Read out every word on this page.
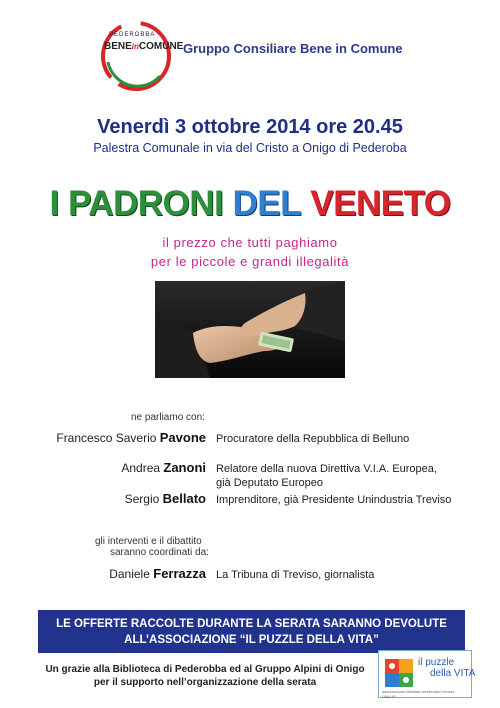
PEDEROBBA
BENEinCOMUNE Gruppo Consiliare Bene in Comune
Venerdì 3 ottobre 2014 ore 20.45
Palestra Comunale in via del Cristo a Onigo di Pederoba
I PADRONI DEL VENETO
il prezzo che tutti paghiamo
per le piccole e grandi illegalità
ne parliamo con:
Francesco Saverio Pavone Procuratore della Repubblica di Belluno
Andrea Zanoni Relatore della nuova Direttiva V.I.A. Europea,
già Deputato Europeo
Sergio Bellato Imprenditore, già Presidente Unindustria Treviso
gli interventi e il dibattito
saranno coordinati da:
Daniele Ferrazza La Tribuna di Treviso, giornalista
LE OFFERTE RACCOLTE DURANTE LA SERATA SARANNO DEVOLUTE
ALL’ASSOCIAZIONE “IL PUZZLE DELLA VITA”
Un grazie alla Biblioteca di Pederobba ed al Gruppo Alpini di Onigo
per il supporto nell’organizzazione della serata
il puzzle
della VITA
associazione familiari cerebrolesi Veneto - ONLUS
